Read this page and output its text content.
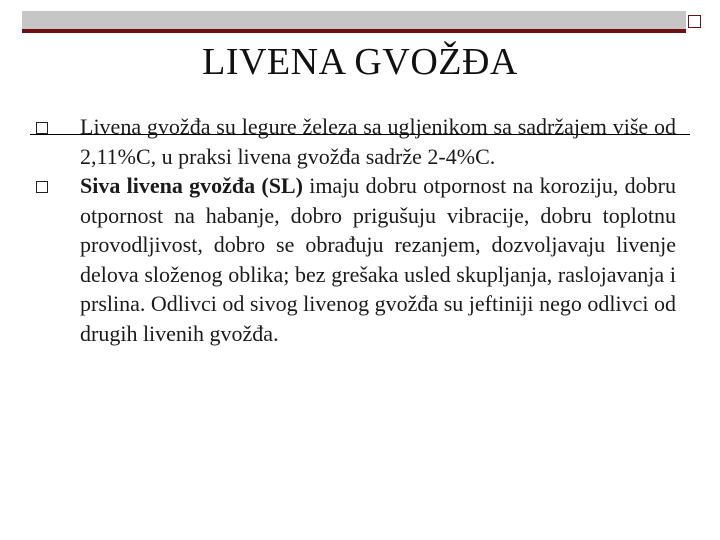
LIVENA GVOŽĐA
Livena gvožđa su legure železa sa ugljenikom sa sadržajem više od 2,11%C, u praksi livena gvožđa sadrže 2-4%C.
Siva livena gvožđa (SL) imaju dobru otpornost na koroziju, dobru otpornost na habanje, dobro prigušuju vibracije, dobru toplotnu provodljivost, dobro se obrađuju rezanjem, dozvoljavaju livenje delova složenog oblika; bez grešaka usled skupljanja, raslojavanja i prslina. Odlivci od sivog livenog gvožđa su jeftiniji nego odlivci od drugih livenih gvožđa.
